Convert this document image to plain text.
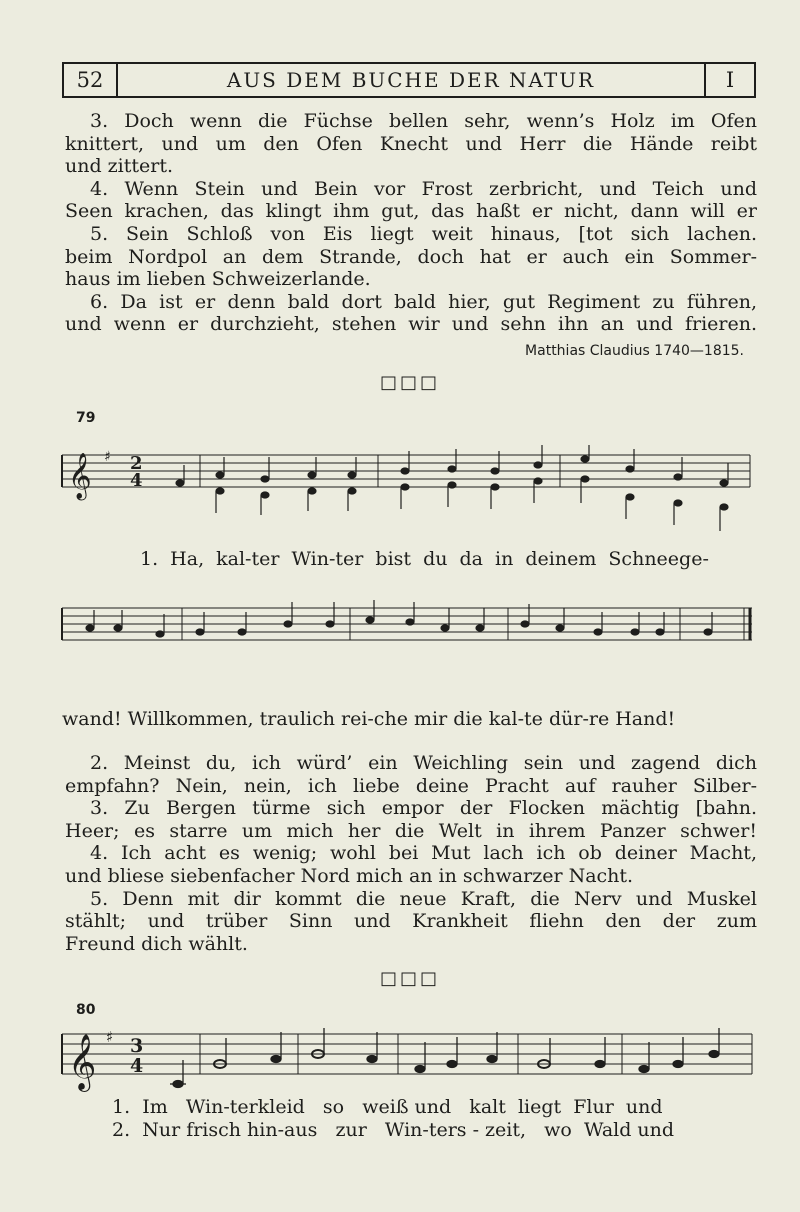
52	AUS DEM BUCHE DER NATUR	I
3. Doch wenn die Füchse bellen sehr, wenn’s Holz im Ofen
knittert, und um den Ofen Knecht und Herr die Hände reibt
und zittert.
4. Wenn Stein und Bein vor Frost zerbricht, und Teich und
Seen krachen, das klingt ihm gut, das haßt er nicht, dann will er
5. Sein Schloß von Eis liegt weit hinaus, [tot sich lachen.
beim Nordpol an dem Strande, doch hat er auch ein Sommer-
haus im lieben Schweizerlande.
6. Da ist er denn bald dort bald hier, gut Regiment zu führen,
und wenn er durchzieht, stehen wir und sehn ihn an und frieren.
Matthias Claudius 1740—1815.
□□□
79
𝄞 ♯ 2
4
1. Ha, kal-ter Win-ter bist du da in deinem Schneege-
wand! Willkommen, traulich rei-che mir die kal-te dür-re Hand!
2. Meinst du, ich würd’ ein Weichling sein und zagend dich
empfahn? Nein, nein, ich liebe deine Pracht auf rauher Silber-
3. Zu Bergen türme sich empor der Flocken mächtig [bahn.
Heer; es starre um mich her die Welt in ihrem Panzer schwer!
4. Ich acht es wenig; wohl bei Mut lach ich ob deiner Macht,
und bliese siebenfacher Nord mich an in schwarzer Nacht.
5. Denn mit dir kommt die neue Kraft, die Nerv und Muskel
stählt; und trüber Sinn und Krankheit fliehn den der zum
Freund dich wählt.
□□□
80
𝄞 ♯ 3
4
1.  Im   Win-terkleid   so   weiß und   kalt  liegt  Flur  und
2.  Nur frisch hin-aus   zur   Win-ters - zeit,   wo  Wald und
